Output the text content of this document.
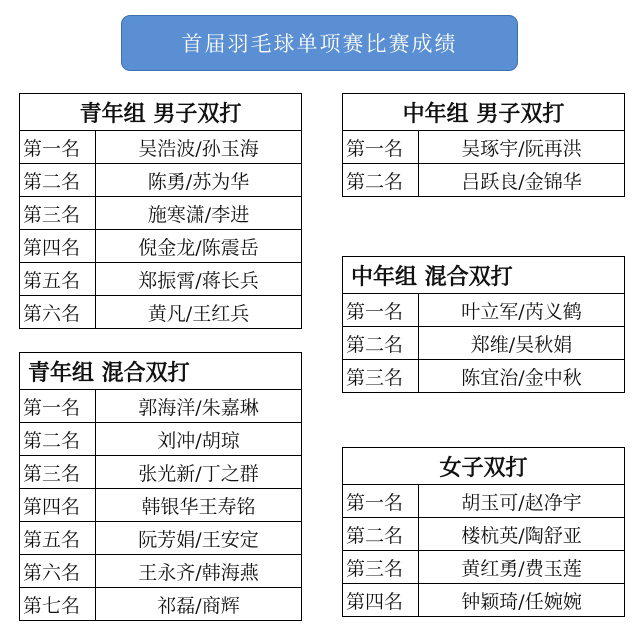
首届羽毛球单项赛比赛成绩
青年组 男子双打	
第一名	吴浩波/孙玉海
第二名	陈勇/苏为华
第三名	施寒潇/李进
第四名	倪金龙/陈震岳
第五名	郑振霄/蒋长兵
第六名	黄凡/王红兵
青年组 混合双打	
第一名	郭海洋/朱嘉琳
第二名	刘冲/胡琼
第三名	张光新/丁之群
第四名	韩银华王寿铭
第五名	阮芳娟/王安定
第六名	王永齐/韩海燕
第七名	祁磊/商辉
中年组 男子双打	
第一名	吴琢宇/阮再洪
第二名	吕跃良/金锦华
中年组 混合双打	
第一名	叶立军/芮义鹤
第二名	郑维/吴秋娟
第三名	陈宜治/金中秋
女子双打	
第一名	胡玉可/赵净宇
第二名	楼杭英/陶舒亚
第三名	黄红勇/费玉莲
第四名	钟颖琦/任婉婉
